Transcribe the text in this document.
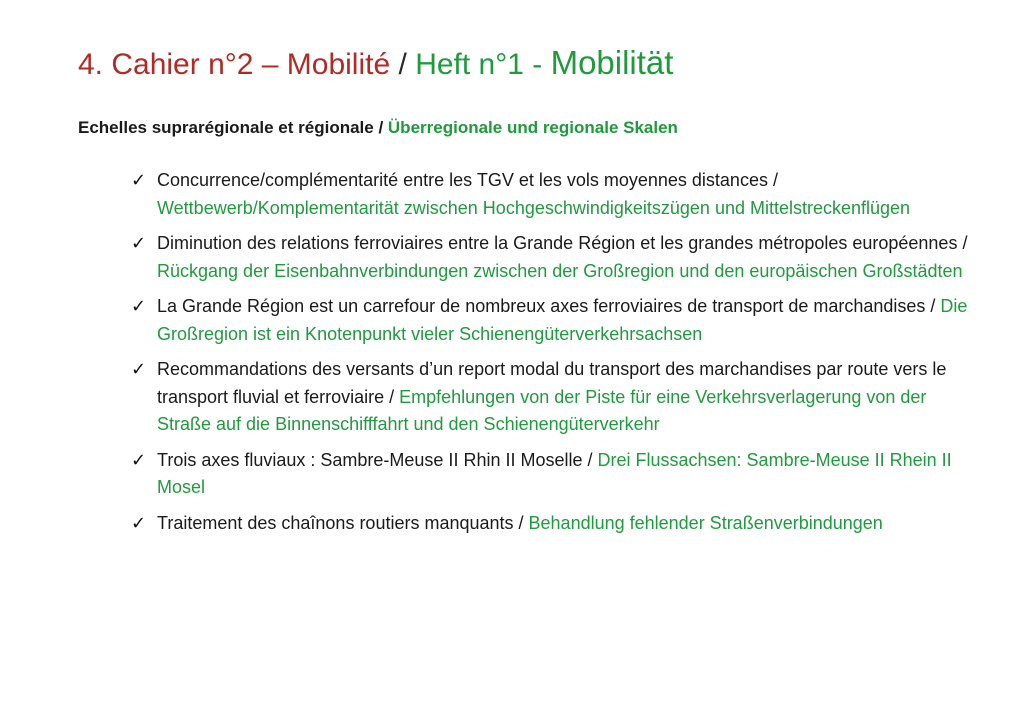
4. Cahier n°2 – Mobilité / Heft n°1 - Mobilität
Echelles suprarégionale et régionale / Überregionale und regionale Skalen
✓ Concurrence/complémentarité entre les TGV et les vols moyennes distances / Wettbewerb/Komplementarität zwischen Hochgeschwindigkeitszügen und Mittelstreckenflügen
✓ Diminution des relations ferroviaires entre la Grande Région et les grandes métropoles européennes / Rückgang der Eisenbahnverbindungen zwischen der Großregion und den europäischen Großstädten
✓ La Grande Région est un carrefour de nombreux axes ferroviaires de transport de marchandises / Die Großregion ist ein Knotenpunkt vieler Schienengüterverkehrsachsen
✓ Recommandations des versants d’un report modal du transport des marchandises par route vers le transport fluvial et ferroviaire / Empfehlungen von der Piste für eine Verkehrsverlagerung von der Straße auf die Binnenschifffahrt und den Schienengüterverkehr
✓ Trois axes fluviaux : Sambre-Meuse II Rhin II Moselle / Drei Flussachsen: Sambre-Meuse II Rhein II Mosel
✓ Traitement des chaînons routiers manquants / Behandlung fehlender Straßenverbindungen
